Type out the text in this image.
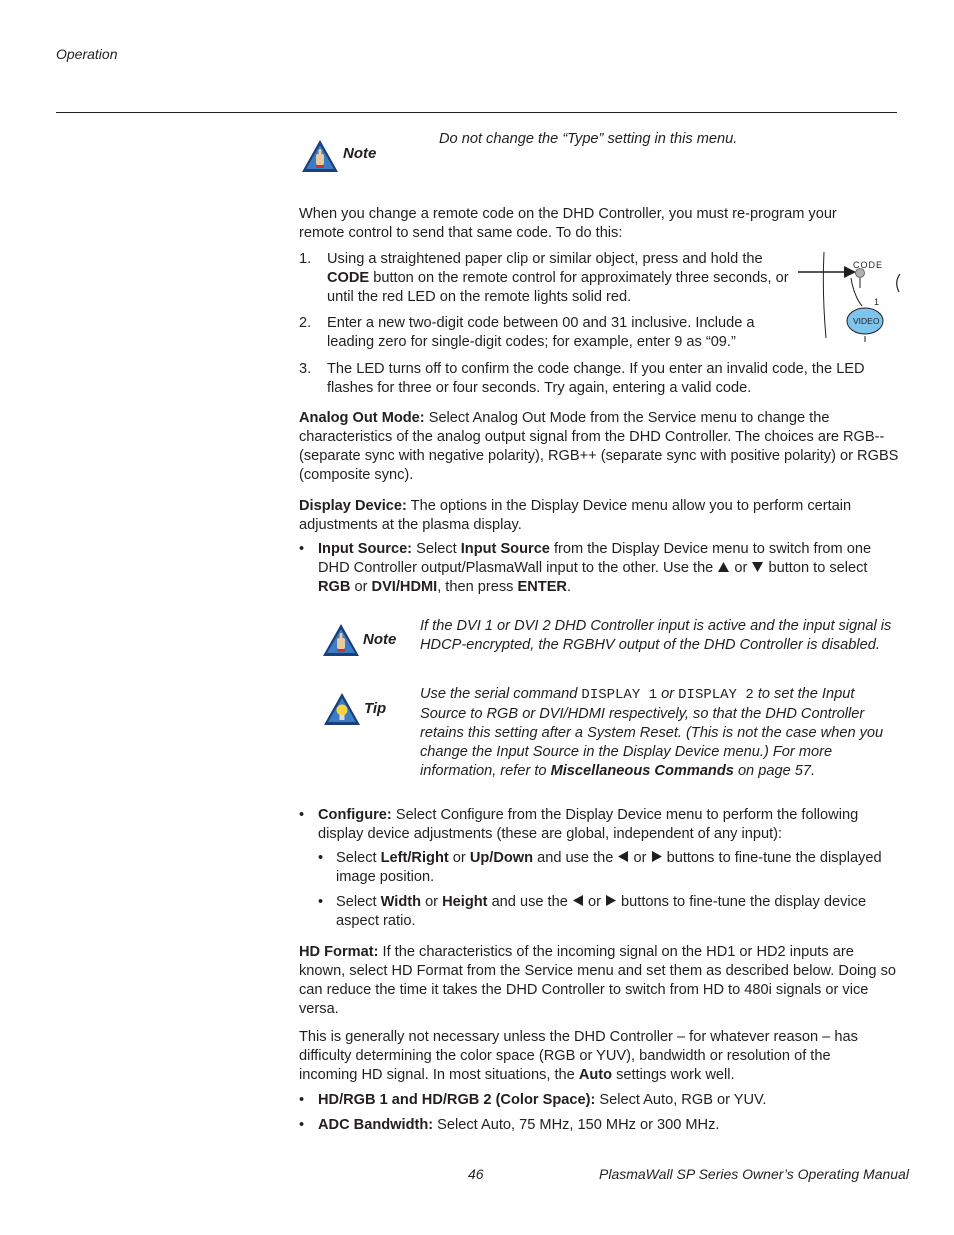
Operation
Note
Do not change the “Type” setting in this menu.

When you change a remote code on the DHD Controller, you must re-program your remote control to send that same code. To do this:

1. Using a straightened paper clip or similar object, press and hold the CODE button on the remote control for approximately three seconds, or until the red LED on the remote lights solid red.

2. Enter a new two-digit code between 00 and 31 inclusive. Include a leading zero for single-digit codes; for example, enter 9 as “09.”

3. The LED turns off to confirm the code change. If you enter an invalid code, the LED flashes for three or four seconds. Try again, entering a valid code.

CODE
1
VIDEO

Analog Out Mode: Select Analog Out Mode from the Service menu to change the characteristics of the analog output signal from the DHD Controller. The choices are RGB-- (separate sync with negative polarity), RGB++ (separate sync with positive polarity) or RGBS (composite sync).

Display Device: The options in the Display Device menu allow you to perform certain adjustments at the plasma display.

• Input Source: Select Input Source from the Display Device menu to switch from one DHD Controller output/PlasmaWall input to the other. Use the  or  button to select RGB or DVI/HDMI, then press ENTER.

Note

If the DVI 1 or DVI 2 DHD Controller input is active and the input signal is HDCP-encrypted, the RGBHV output of the DHD Controller is disabled.

Tip

Use the serial command DISPLAY 1 or DISPLAY 2 to set the Input Source to RGB or DVI/HDMI respectively, so that the DHD Controller retains this setting after a System Reset. (This is not the case when you change the Input Source in the Display Device menu.) For more information, refer to Miscellaneous Commands on page 57.

• Configure: Select Configure from the Display Device menu to perform the following display device adjustments (these are global, independent of any input):

• Select Left/Right or Up/Down and use the  or  buttons to fine-tune the displayed image position.

• Select Width or Height and use the  or  buttons to fine-tune the display device aspect ratio.

HD Format: If the characteristics of the incoming signal on the HD1 or HD2 inputs are known, select HD Format from the Service menu and set them as described below. Doing so can reduce the time it takes the DHD Controller to switch from HD to 480i signals or vice versa.

This is generally not necessary unless the DHD Controller – for whatever reason – has difficulty determining the color space (RGB or YUV), bandwidth or resolution of the incoming HD signal. In most situations, the Auto settings work well.

• HD/RGB 1 and HD/RGB 2 (Color Space): Select Auto, RGB or YUV.

• ADC Bandwidth: Select Auto, 75 MHz, 150 MHz or 300 MHz.

46	PlasmaWall SP Series Owner’s Operating Manual
